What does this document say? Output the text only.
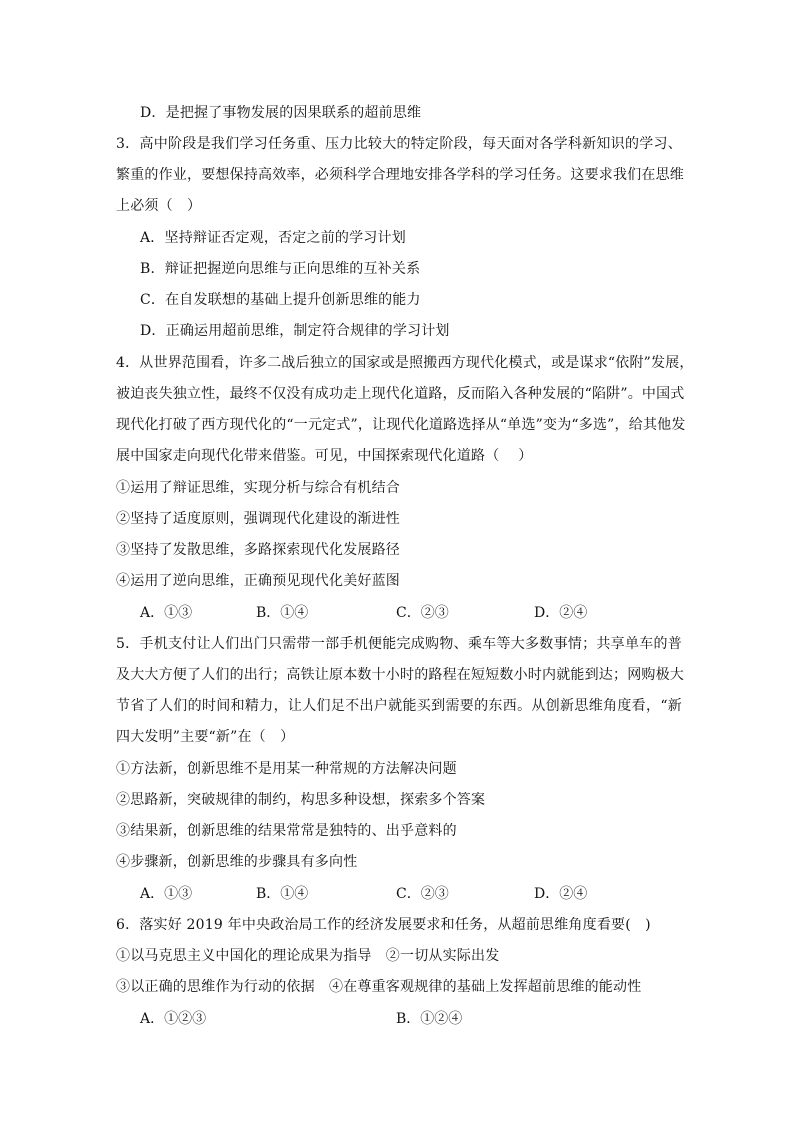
D．是把握了事物发展的因果联系的超前思维
3．高中阶段是我们学习任务重、压力比较大的特定阶段，每天面对各学科新知识的学习、
繁重的作业，要想保持高效率，必须科学合理地安排各学科的学习任务。这要求我们在思维
上必须（　）
A．坚持辩证否定观，否定之前的学习计划
B．辩证把握逆向思维与正向思维的互补关系
C．在自发联想的基础上提升创新思维的能力
D．正确运用超前思维，制定符合规律的学习计划
4．从世界范围看，许多二战后独立的国家或是照搬西方现代化模式，或是谋求“依附”发展，
被迫丧失独立性，最终不仅没有成功走上现代化道路，反而陷入各种发展的“陷阱”。中国式
现代化打破了西方现代化的“一元定式”，让现代化道路选择从“单选”变为“多选”，给其他发
展中国家走向现代化带来借鉴。可见，中国探索现代化道路（　 ）
①运用了辩证思维，实现分析与综合有机结合
②坚持了适度原则，强调现代化建设的渐进性
③坚持了发散思维，多路探索现代化发展路径
④运用了逆向思维，正确预见现代化美好蓝图
A．①③	B．①④	C．②③	D．②④
5．手机支付让人们出门只需带一部手机便能完成购物、乘车等大多数事情；共享单车的普
及大大方便了人们的出行；高铁让原本数十小时的路程在短短数小时内就能到达；网购极大
节省了人们的时间和精力，让人们足不出户就能买到需要的东西。从创新思维角度看，“新
四大发明”主要“新”在（　）
①方法新，创新思维不是用某一种常规的方法解决问题
②思路新，突破规律的制约，构思多种设想，探索多个答案
③结果新，创新思维的结果常常是独特的、出乎意料的
④步骤新，创新思维的步骤具有多向性
A．①③	B．①④	C．②③	D．②④
6．落实好 2019 年中央政治局工作的经济发展要求和任务，从超前思维角度看要(　)
①以马克思主义中国化的理论成果为指导　②一切从实际出发
③以正确的思维作为行动的依据　④在尊重客观规律的基础上发挥超前思维的能动性
A．①②③	B．①②④
